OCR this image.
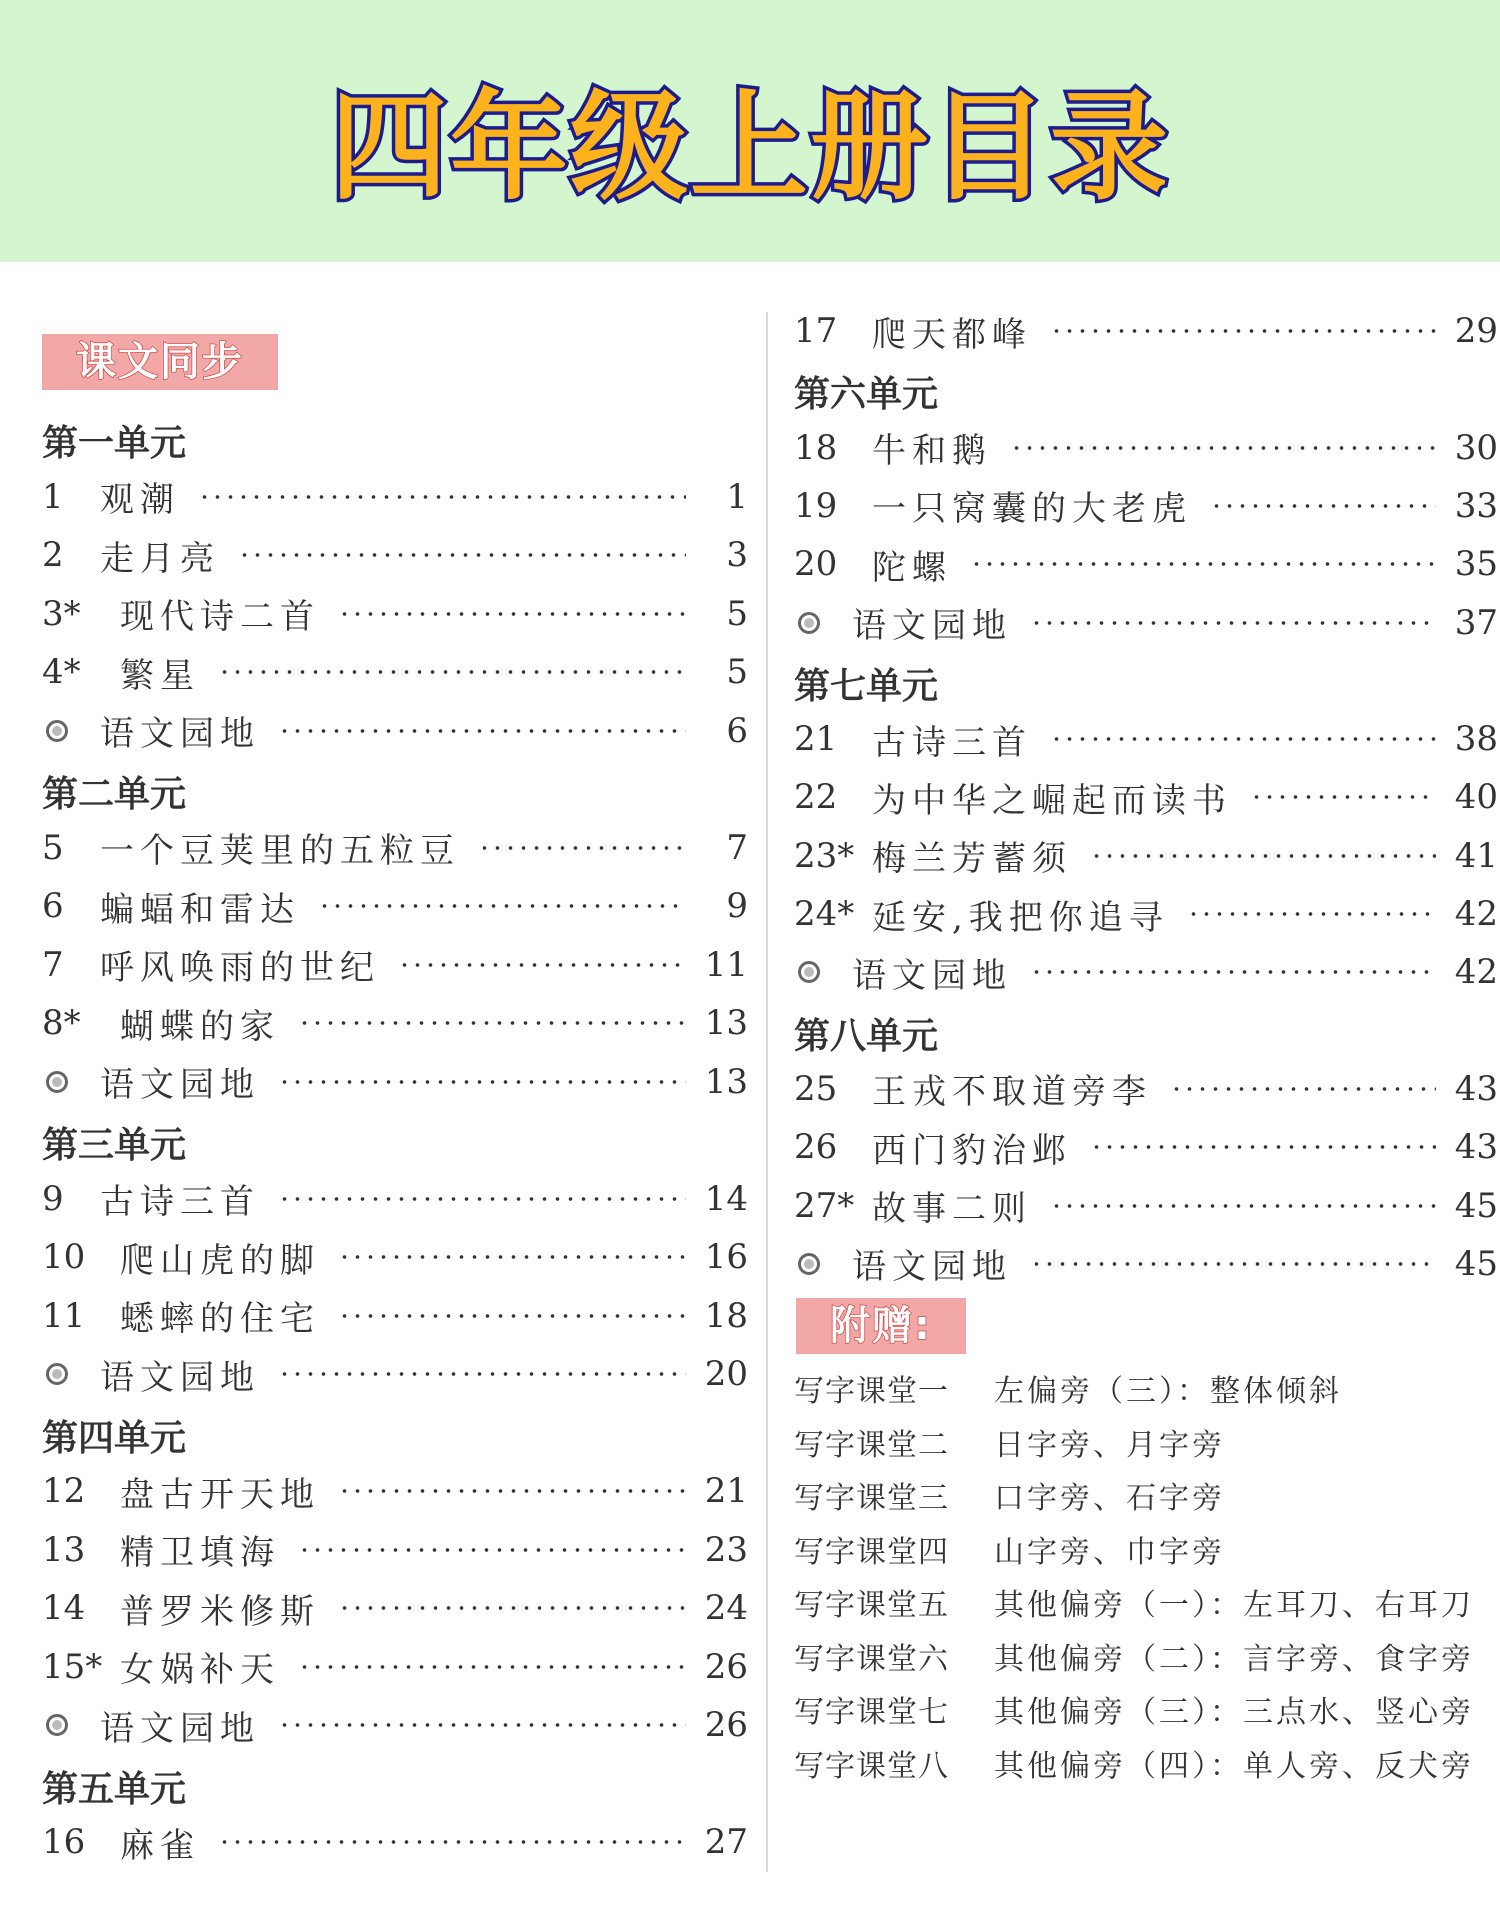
四年级上册目录
课文同步
第一单元
1	观潮	1
2	走月亮	3
3*	现代诗二首	5
4*	繁星	5
语文园地	6
第二单元
5	一个豆荚里的五粒豆	7
6	蝙蝠和雷达	9
7	呼风唤雨的世纪	11
8*	蝴蝶的家	13
语文园地	13
第三单元
9	古诗三首	14
10	爬山虎的脚	16
11	蟋蟀的住宅	18
语文园地	20
第四单元
12	盘古开天地	21
13	精卫填海	23
14	普罗米修斯	24
15* 女娲补天	26
语文园地	26
第五单元
16	麻雀	27
17	爬天都峰	29
第六单元
18	牛和鹅	30
19	一只窝囊的大老虎	33
20	陀螺	35
语文园地	37
第七单元
21	古诗三首	38
22	为中华之崛起而读书	40
23* 梅兰芳蓄须	41
24* 延安,我把你追寻	42
语文园地	42
第八单元
25	王戎不取道旁李	43
26	西门豹治邺	43
27* 故事二则	45
语文园地	45
附赠:
写字课堂一	左偏旁（三）：整体倾斜
写字课堂二	日字旁、月字旁
写字课堂三	口字旁、石字旁
写字课堂四	山字旁、巾字旁
写字课堂五	其他偏旁（一）：左耳刀、右耳刀
写字课堂六	其他偏旁（二）：言字旁、食字旁
写字课堂七	其他偏旁（三）：三点水、竖心旁
写字课堂八	其他偏旁（四）：单人旁、反犬旁
